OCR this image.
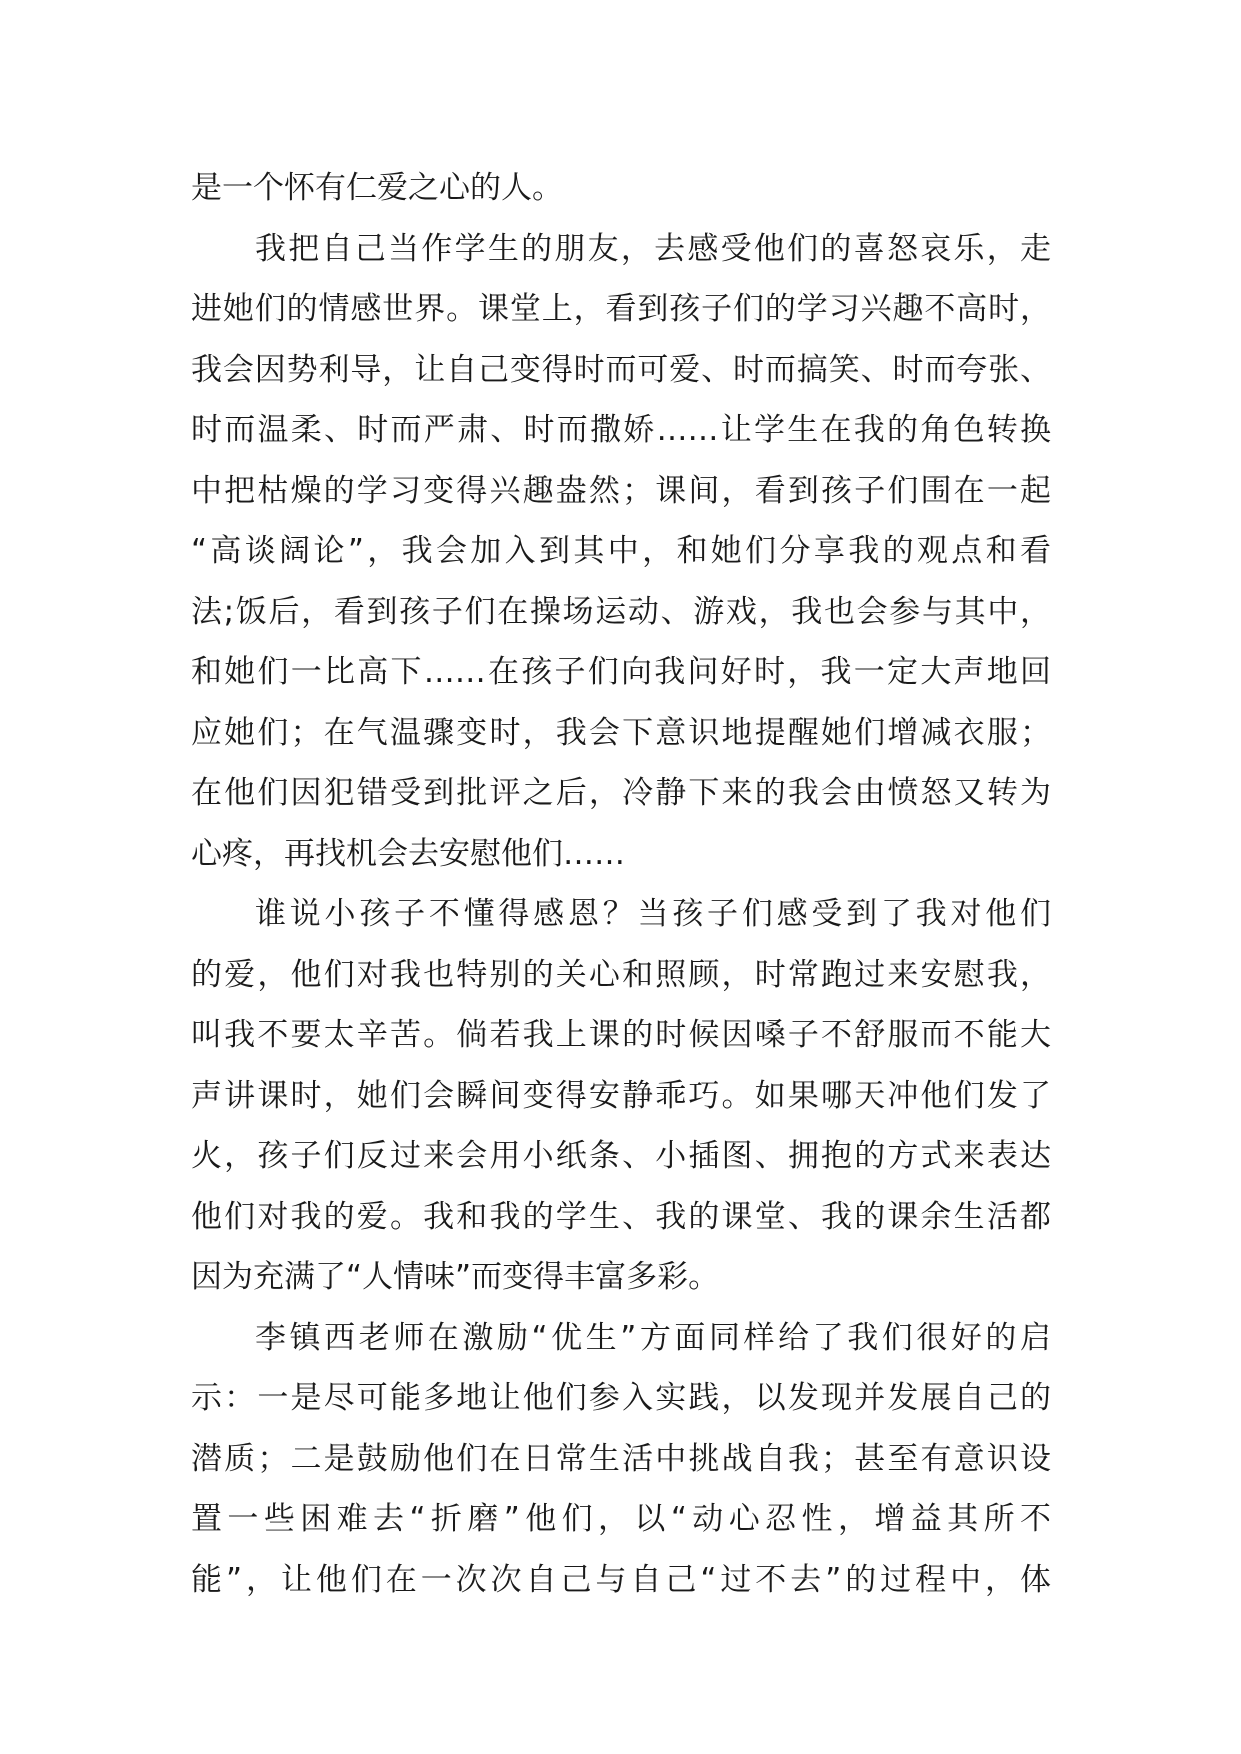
是一个怀有仁爱之心的人。
我把自己当作学生的朋友，去感受他们的喜怒哀乐，走
进她们的情感世界。课堂上，看到孩子们的学习兴趣不高时，
我会因势利导，让自己变得时而可爱、时而搞笑、时而夸张、
时而温柔、时而严肃、时而撒娇……让学生在我的角色转换
中把枯燥的学习变得兴趣盎然；课间，看到孩子们围在一起
“高谈阔论”，我会加入到其中，和她们分享我的观点和看
法;饭后，看到孩子们在操场运动、游戏，我也会参与其中，
和她们一比高下……在孩子们向我问好时，我一定大声地回
应她们；在气温骤变时，我会下意识地提醒她们增减衣服；
在他们因犯错受到批评之后，冷静下来的我会由愤怒又转为
心疼，再找机会去安慰他们……
谁说小孩子不懂得感恩？当孩子们感受到了我对他们
的爱，他们对我也特别的关心和照顾，时常跑过来安慰我，
叫我不要太辛苦。倘若我上课的时候因嗓子不舒服而不能大
声讲课时，她们会瞬间变得安静乖巧。如果哪天冲他们发了
火，孩子们反过来会用小纸条、小插图、拥抱的方式来表达
他们对我的爱。我和我的学生、我的课堂、我的课余生活都
因为充满了“人情味”而变得丰富多彩。
李镇西老师在激励“优生”方面同样给了我们很好的启
示：一是尽可能多地让他们参入实践，以发现并发展自己的
潜质；二是鼓励他们在日常生活中挑战自我；甚至有意识设
置一些困难去“折磨”他们，以“动心忍性，增益其所不
能”，让他们在一次次自己与自己“过不去”的过程中，体
